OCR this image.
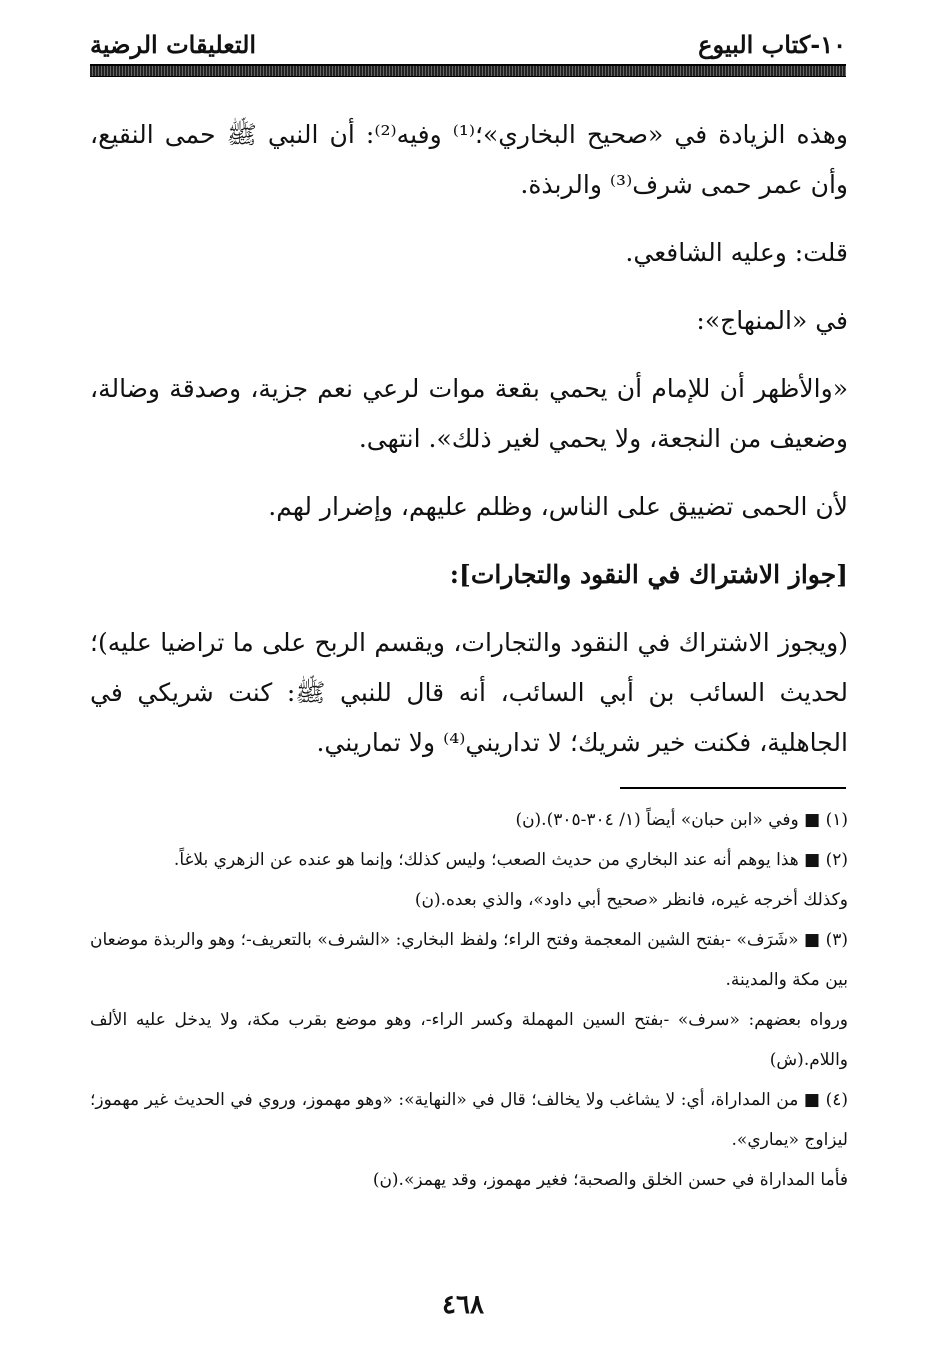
١٠-كتاب البيوع
التعليقات الرضية

وهذه الزيادة في «صحيح البخاري»؛⁽¹⁾ وفيه⁽²⁾: أن النبي ﷺ حمى النقيع، وأن عمر حمى شرف⁽³⁾ والربذة.

قلت: وعليه الشافعي.

في «المنهاج»:

«والأظهر أن للإمام أن يحمي بقعة موات لرعي نعم جزية، وصدقة وضالة، وضعيف من النجعة، ولا يحمي لغير ذلك». انتهى.

لأن الحمى تضييق على الناس، وظلم عليهم، وإضرار لهم.

[جواز الاشتراك في النقود والتجارات]:

(ويجوز الاشتراك في النقود والتجارات، ويقسم الربح على ما تراضيا عليه)؛ لحديث السائب بن أبي السائب، أنه قال للنبي ﷺ: كنت شريكي في الجاهلية، فكنت خير شريك؛ لا تداريني⁽⁴⁾ ولا تماريني.

(١) ■ وفي «ابن حبان» أيضاً (١/ ٣٠٤-٣٠٥).(ن)

(٢) ■ هذا يوهم أنه عند البخاري من حديث الصعب؛ وليس كذلك؛ وإنما هو عنده عن الزهري بلاغاً.

وكذلك أخرجه غيره، فانظر «صحيح أبي داود»، والذي بعده.(ن)

(٣) ■ «شَرَف» -بفتح الشين المعجمة وفتح الراء؛ ولفظ البخاري: «الشرف» بالتعريف-؛ وهو والربذة موضعان بين مكة والمدينة.

ورواه بعضهم: «سرف» -بفتح السين المهملة وكسر الراء-، وهو موضع بقرب مكة، ولا يدخل عليه الألف واللام.(ش)

(٤) ■ من المداراة، أي: لا يشاغب ولا يخالف؛ قال في «النهاية»: «وهو مهموز، وروي في الحديث غير مهموز؛ ليزاوج «يماري».

فأما المداراة في حسن الخلق والصحبة؛ فغير مهموز، وقد يهمز».(ن)

٤٦٨
